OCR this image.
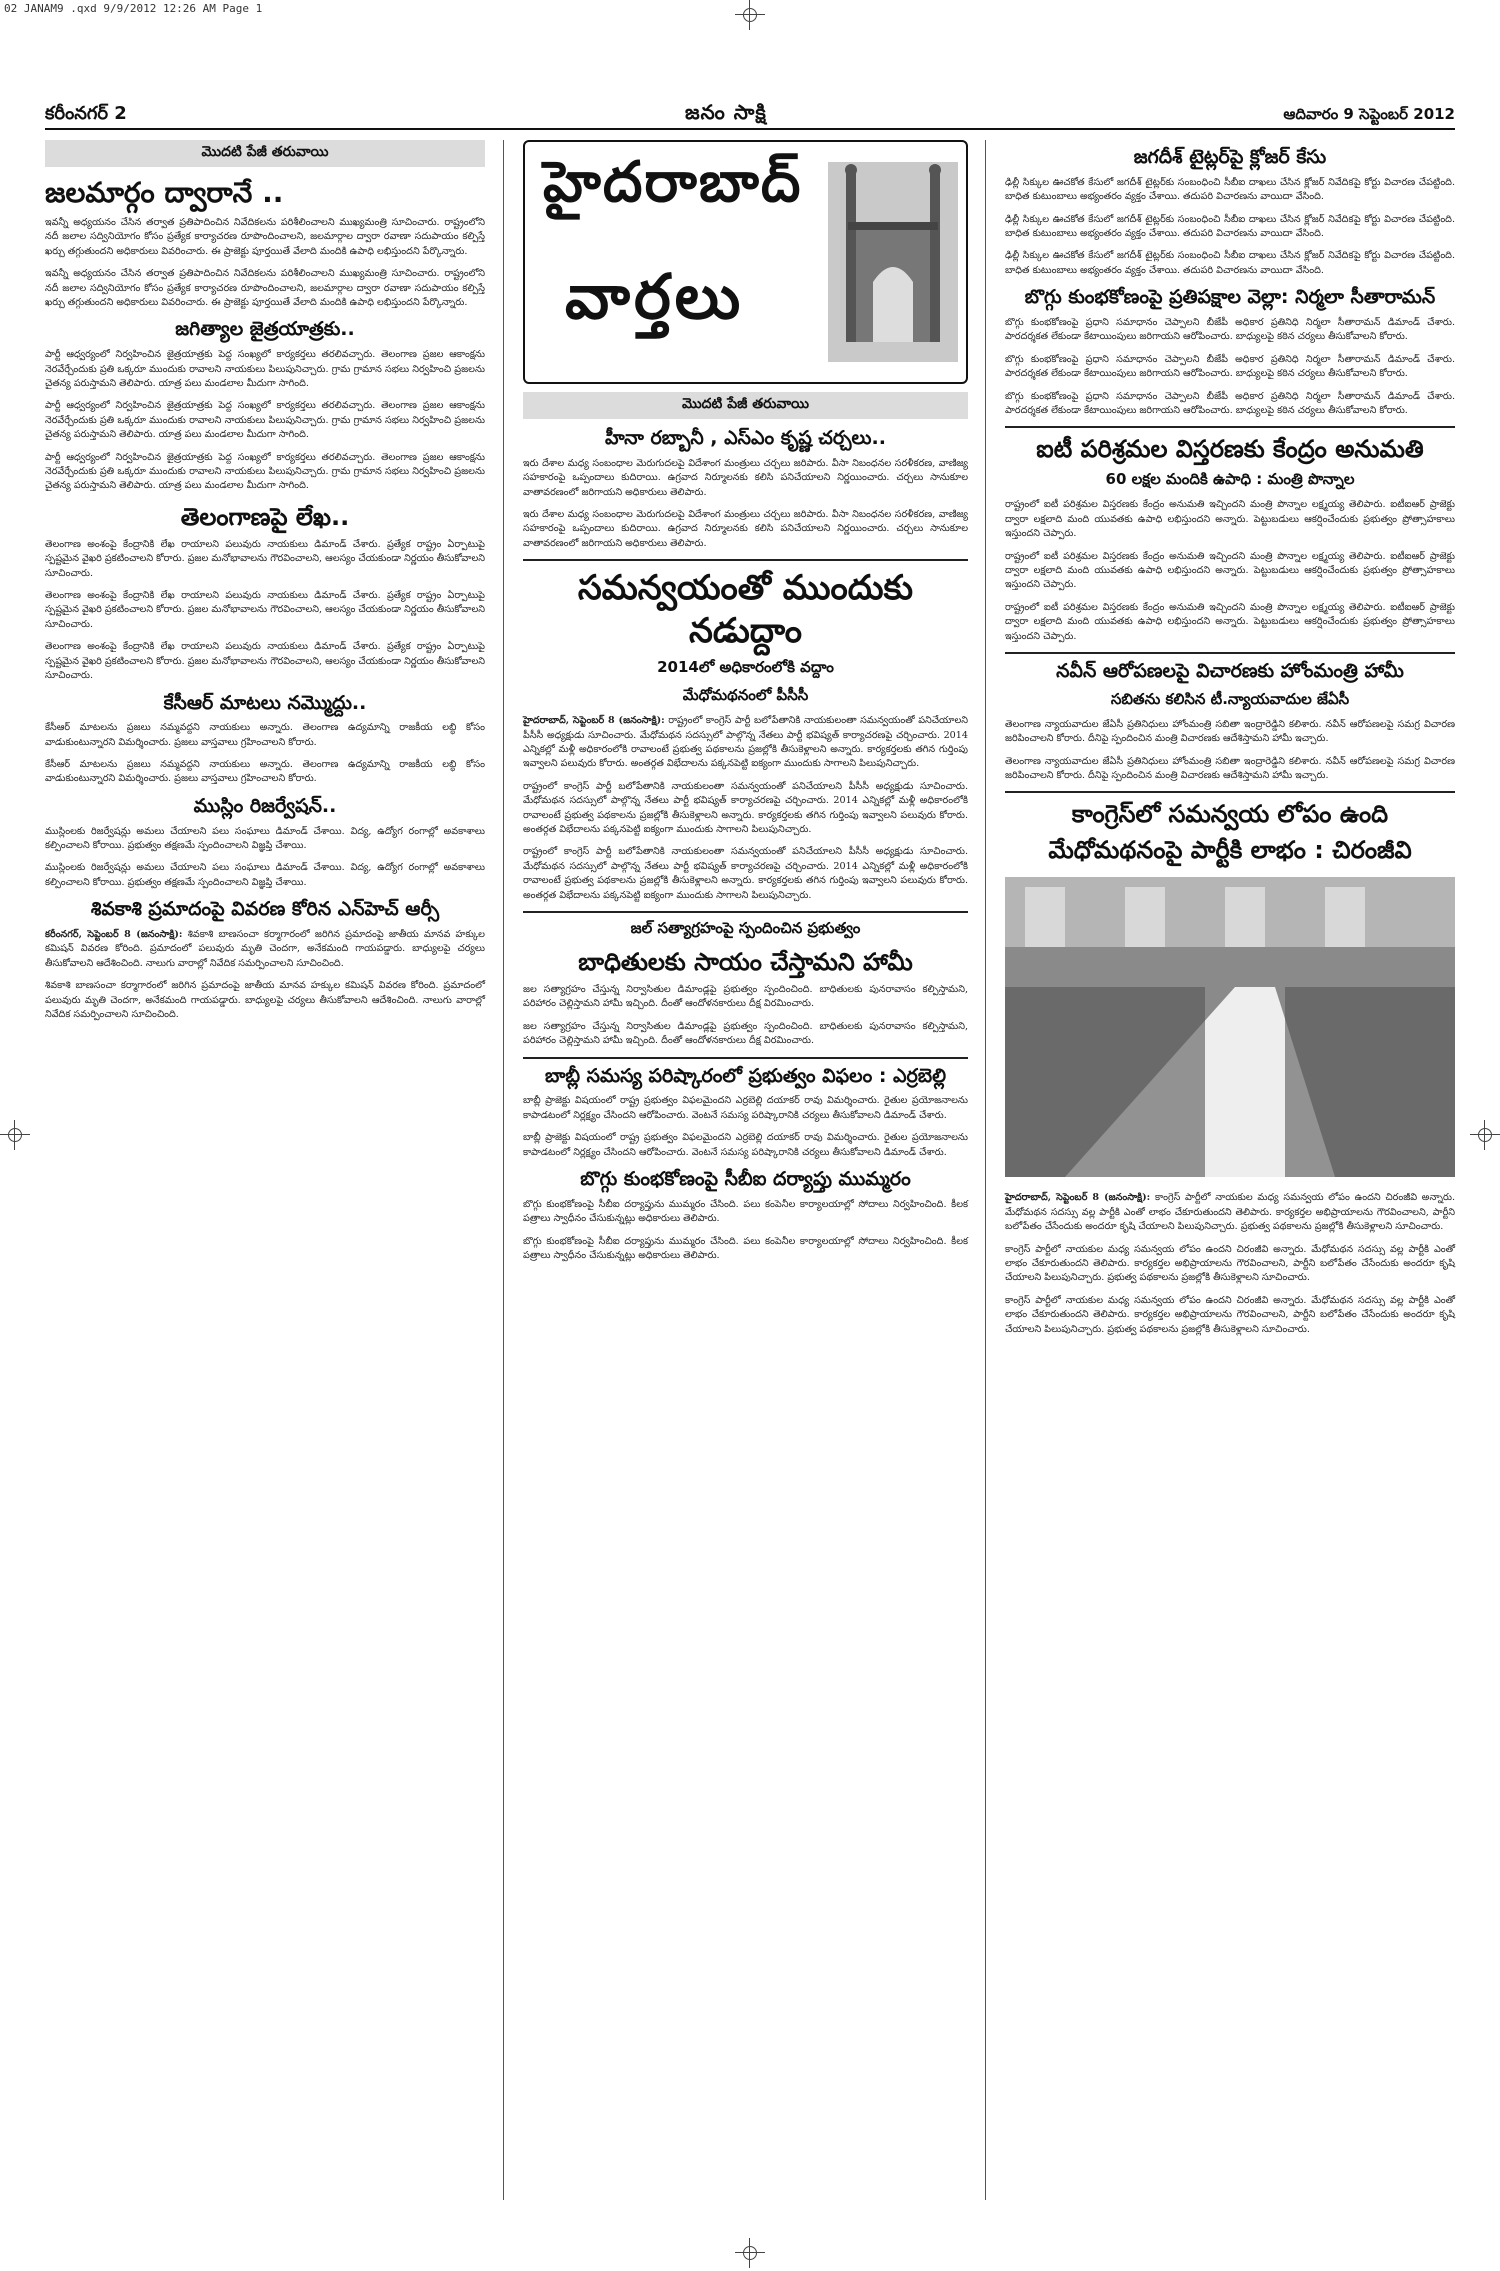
02 JANAM9 .qxd 9/9/2012 12:26 AM Page 1
కరీంనగర్ 2	జనం సాక్షి	ఆదివారం 9 సెప్టెంబర్ 2012
మొదటి పేజీ తరువాయి
జలమార్గం ద్వారానే ..

ఇవన్నీ అధ్యయనం చేసిన తర్వాత ప్రతిపాదించిన నివేదికలను పరిశీలించాలని ముఖ్యమంత్రి సూచించారు. రాష్ట్రంలోని నదీ జలాల సద్వినియోగం కోసం ప్రత్యేక కార్యాచరణ రూపొందించాలని, జలమార్గాల ద్వారా రవాణా సదుపాయం కల్పిస్తే ఖర్చు తగ్గుతుందని అధికారులు వివరించారు. ఈ ప్రాజెక్టు పూర్తయితే వేలాది మందికి ఉపాధి లభిస్తుందని పేర్కొన్నారు.

ఇవన్నీ అధ్యయనం చేసిన తర్వాత ప్రతిపాదించిన నివేదికలను పరిశీలించాలని ముఖ్యమంత్రి సూచించారు. రాష్ట్రంలోని నదీ జలాల సద్వినియోగం కోసం ప్రత్యేక కార్యాచరణ రూపొందించాలని, జలమార్గాల ద్వారా రవాణా సదుపాయం కల్పిస్తే ఖర్చు తగ్గుతుందని అధికారులు వివరించారు. ఈ ప్రాజెక్టు పూర్తయితే వేలాది మందికి ఉపాధి లభిస్తుందని పేర్కొన్నారు.

జగిత్యాల జైత్రయాత్రకు..

పార్టీ ఆధ్వర్యంలో నిర్వహించిన జైత్రయాత్రకు పెద్ద సంఖ్యలో కార్యకర్తలు తరలివచ్చారు. తెలంగాణ ప్రజల ఆకాంక్షను నెరవేర్చేందుకు ప్రతి ఒక్కరూ ముందుకు రావాలని నాయకులు పిలుపునిచ్చారు. గ్రామ గ్రామాన సభలు నిర్వహించి ప్రజలను చైతన్య పరుస్తామని తెలిపారు. యాత్ర పలు మండలాల మీదుగా సాగింది.

పార్టీ ఆధ్వర్యంలో నిర్వహించిన జైత్రయాత్రకు పెద్ద సంఖ్యలో కార్యకర్తలు తరలివచ్చారు. తెలంగాణ ప్రజల ఆకాంక్షను నెరవేర్చేందుకు ప్రతి ఒక్కరూ ముందుకు రావాలని నాయకులు పిలుపునిచ్చారు. గ్రామ గ్రామాన సభలు నిర్వహించి ప్రజలను చైతన్య పరుస్తామని తెలిపారు. యాత్ర పలు మండలాల మీదుగా సాగింది.

పార్టీ ఆధ్వర్యంలో నిర్వహించిన జైత్రయాత్రకు పెద్ద సంఖ్యలో కార్యకర్తలు తరలివచ్చారు. తెలంగాణ ప్రజల ఆకాంక్షను నెరవేర్చేందుకు ప్రతి ఒక్కరూ ముందుకు రావాలని నాయకులు పిలుపునిచ్చారు. గ్రామ గ్రామాన సభలు నిర్వహించి ప్రజలను చైతన్య పరుస్తామని తెలిపారు. యాత్ర పలు మండలాల మీదుగా సాగింది.

తెలంగాణపై లేఖ..

తెలంగాణ అంశంపై కేంద్రానికి లేఖ రాయాలని పలువురు నాయకులు డిమాండ్ చేశారు. ప్రత్యేక రాష్ట్రం ఏర్పాటుపై స్పష్టమైన వైఖరి ప్రకటించాలని కోరారు. ప్రజల మనోభావాలను గౌరవించాలని, ఆలస్యం చేయకుండా నిర్ణయం తీసుకోవాలని సూచించారు.

తెలంగాణ అంశంపై కేంద్రానికి లేఖ రాయాలని పలువురు నాయకులు డిమాండ్ చేశారు. ప్రత్యేక రాష్ట్రం ఏర్పాటుపై స్పష్టమైన వైఖరి ప్రకటించాలని కోరారు. ప్రజల మనోభావాలను గౌరవించాలని, ఆలస్యం చేయకుండా నిర్ణయం తీసుకోవాలని సూచించారు.

తెలంగాణ అంశంపై కేంద్రానికి లేఖ రాయాలని పలువురు నాయకులు డిమాండ్ చేశారు. ప్రత్యేక రాష్ట్రం ఏర్పాటుపై స్పష్టమైన వైఖరి ప్రకటించాలని కోరారు. ప్రజల మనోభావాలను గౌరవించాలని, ఆలస్యం చేయకుండా నిర్ణయం తీసుకోవాలని సూచించారు.

కేసీఆర్ మాటలు నమ్మొద్దు..

కేసీఆర్ మాటలను ప్రజలు నమ్మవద్దని నాయకులు అన్నారు. తెలంగాణ ఉద్యమాన్ని రాజకీయ లబ్ధి కోసం వాడుకుంటున్నారని విమర్శించారు. ప్రజలు వాస్తవాలు గ్రహించాలని కోరారు.

కేసీఆర్ మాటలను ప్రజలు నమ్మవద్దని నాయకులు అన్నారు. తెలంగాణ ఉద్యమాన్ని రాజకీయ లబ్ధి కోసం వాడుకుంటున్నారని విమర్శించారు. ప్రజలు వాస్తవాలు గ్రహించాలని కోరారు.

ముస్లిం రిజర్వేషన్..

ముస్లింలకు రిజర్వేషన్లు అమలు చేయాలని పలు సంఘాలు డిమాండ్ చేశాయి. విద్య, ఉద్యోగ రంగాల్లో అవకాశాలు కల్పించాలని కోరాయి. ప్రభుత్వం తక్షణమే స్పందించాలని విజ్ఞప్తి చేశాయి.

ముస్లింలకు రిజర్వేషన్లు అమలు చేయాలని పలు సంఘాలు డిమాండ్ చేశాయి. విద్య, ఉద్యోగ రంగాల్లో అవకాశాలు కల్పించాలని కోరాయి. ప్రభుత్వం తక్షణమే స్పందించాలని విజ్ఞప్తి చేశాయి.

శివకాశి ప్రమాదంపై వివరణ కోరిన ఎన్‌హెచ్ ఆర్సీ

కరీంనగర్, సెప్టెంబర్ 8 (జనంసాక్షి): శివకాశి బాణసంచా కర్మాగారంలో జరిగిన ప్రమాదంపై జాతీయ మానవ హక్కుల కమిషన్ వివరణ కోరింది. ప్రమాదంలో పలువురు మృతి చెందగా, అనేకమంది గాయపడ్డారు. బాధ్యులపై చర్యలు తీసుకోవాలని ఆదేశించింది. నాలుగు వారాల్లో నివేదిక సమర్పించాలని సూచించింది.

శివకాశి బాణసంచా కర్మాగారంలో జరిగిన ప్రమాదంపై జాతీయ మానవ హక్కుల కమిషన్ వివరణ కోరింది. ప్రమాదంలో పలువురు మృతి చెందగా, అనేకమంది గాయపడ్డారు. బాధ్యులపై చర్యలు తీసుకోవాలని ఆదేశించింది. నాలుగు వారాల్లో నివేదిక సమర్పించాలని సూచించింది.

హైదరాబాద్
వార్తలు
మొదటి పేజీ తరువాయి
హీనా రబ్బానీ , ఎస్‌ఎం కృష్ణ చర్చలు..

ఇరు దేశాల మధ్య సంబంధాల మెరుగుదలపై విదేశాంగ మంత్రులు చర్చలు జరిపారు. వీసా నిబంధనల సరళీకరణ, వాణిజ్య సహకారంపై ఒప్పందాలు కుదిరాయి. ఉగ్రవాద నిర్మూలనకు కలిసి పనిచేయాలని నిర్ణయించారు. చర్చలు సానుకూల వాతావరణంలో జరిగాయని అధికారులు తెలిపారు.

ఇరు దేశాల మధ్య సంబంధాల మెరుగుదలపై విదేశాంగ మంత్రులు చర్చలు జరిపారు. వీసా నిబంధనల సరళీకరణ, వాణిజ్య సహకారంపై ఒప్పందాలు కుదిరాయి. ఉగ్రవాద నిర్మూలనకు కలిసి పనిచేయాలని నిర్ణయించారు. చర్చలు సానుకూల వాతావరణంలో జరిగాయని అధికారులు తెలిపారు.

సమన్వయంతో ముందుకు నడుద్దాం
2014లో అధికారంలోకి వద్దాం
మేధోమథనంలో పీసీసీ

హైదరాబాద్, సెప్టెంబర్ 8 (జనంసాక్షి): రాష్ట్రంలో కాంగ్రెస్ పార్టీ బలోపేతానికి నాయకులంతా సమన్వయంతో పనిచేయాలని పీసీసీ అధ్యక్షుడు సూచించారు. మేధోమథన సదస్సులో పాల్గొన్న నేతలు పార్టీ భవిష్యత్ కార్యాచరణపై చర్చించారు. 2014 ఎన్నికల్లో మళ్లీ అధికారంలోకి రావాలంటే ప్రభుత్వ పథకాలను ప్రజల్లోకి తీసుకెళ్లాలని అన్నారు. కార్యకర్తలకు తగిన గుర్తింపు ఇవ్వాలని పలువురు కోరారు. అంతర్గత విభేదాలను పక్కనపెట్టి ఐక్యంగా ముందుకు సాగాలని పిలుపునిచ్చారు.

రాష్ట్రంలో కాంగ్రెస్ పార్టీ బలోపేతానికి నాయకులంతా సమన్వయంతో పనిచేయాలని పీసీసీ అధ్యక్షుడు సూచించారు. మేధోమథన సదస్సులో పాల్గొన్న నేతలు పార్టీ భవిష్యత్ కార్యాచరణపై చర్చించారు. 2014 ఎన్నికల్లో మళ్లీ అధికారంలోకి రావాలంటే ప్రభుత్వ పథకాలను ప్రజల్లోకి తీసుకెళ్లాలని అన్నారు. కార్యకర్తలకు తగిన గుర్తింపు ఇవ్వాలని పలువురు కోరారు. అంతర్గత విభేదాలను పక్కనపెట్టి ఐక్యంగా ముందుకు సాగాలని పిలుపునిచ్చారు.

రాష్ట్రంలో కాంగ్రెస్ పార్టీ బలోపేతానికి నాయకులంతా సమన్వయంతో పనిచేయాలని పీసీసీ అధ్యక్షుడు సూచించారు. మేధోమథన సదస్సులో పాల్గొన్న నేతలు పార్టీ భవిష్యత్ కార్యాచరణపై చర్చించారు. 2014 ఎన్నికల్లో మళ్లీ అధికారంలోకి రావాలంటే ప్రభుత్వ పథకాలను ప్రజల్లోకి తీసుకెళ్లాలని అన్నారు. కార్యకర్తలకు తగిన గుర్తింపు ఇవ్వాలని పలువురు కోరారు. అంతర్గత విభేదాలను పక్కనపెట్టి ఐక్యంగా ముందుకు సాగాలని పిలుపునిచ్చారు.

జల్ సత్యాగ్రహంపై స్పందించిన ప్రభుత్వం
బాధితులకు సాయం చేస్తామని హామీ

జల సత్యాగ్రహం చేస్తున్న నిర్వాసితుల డిమాండ్లపై ప్రభుత్వం స్పందించింది. బాధితులకు పునరావాసం కల్పిస్తామని, పరిహారం చెల్లిస్తామని హామీ ఇచ్చింది. దీంతో ఆందోళనకారులు దీక్ష విరమించారు.

జల సత్యాగ్రహం చేస్తున్న నిర్వాసితుల డిమాండ్లపై ప్రభుత్వం స్పందించింది. బాధితులకు పునరావాసం కల్పిస్తామని, పరిహారం చెల్లిస్తామని హామీ ఇచ్చింది. దీంతో ఆందోళనకారులు దీక్ష విరమించారు.

బాబ్లీ సమస్య పరిష్కారంలో ప్రభుత్వం విఫలం : ఎర్రబెల్లి

బాబ్లీ ప్రాజెక్టు విషయంలో రాష్ట్ర ప్రభుత్వం విఫలమైందని ఎర్రబెల్లి దయాకర్ రావు విమర్శించారు. రైతుల ప్రయోజనాలను కాపాడటంలో నిర్లక్ష్యం చేసిందని ఆరోపించారు. వెంటనే సమస్య పరిష్కారానికి చర్యలు తీసుకోవాలని డిమాండ్ చేశారు.

బాబ్లీ ప్రాజెక్టు విషయంలో రాష్ట్ర ప్రభుత్వం విఫలమైందని ఎర్రబెల్లి దయాకర్ రావు విమర్శించారు. రైతుల ప్రయోజనాలను కాపాడటంలో నిర్లక్ష్యం చేసిందని ఆరోపించారు. వెంటనే సమస్య పరిష్కారానికి చర్యలు తీసుకోవాలని డిమాండ్ చేశారు.

బొగ్గు కుంభకోణంపై సీబీఐ దర్యాప్తు ముమ్మరం

బొగ్గు కుంభకోణంపై సీబీఐ దర్యాప్తును ముమ్మరం చేసింది. పలు కంపెనీల కార్యాలయాల్లో సోదాలు నిర్వహించింది. కీలక పత్రాలు స్వాధీనం చేసుకున్నట్లు అధికారులు తెలిపారు.

బొగ్గు కుంభకోణంపై సీబీఐ దర్యాప్తును ముమ్మరం చేసింది. పలు కంపెనీల కార్యాలయాల్లో సోదాలు నిర్వహించింది. కీలక పత్రాలు స్వాధీనం చేసుకున్నట్లు అధికారులు తెలిపారు.

జగదీశ్ టైట్లర్‌పై క్లోజర్ కేసు

ఢిల్లీ సిక్కుల ఊచకోత కేసులో జగదీశ్ టైట్లర్‌కు సంబంధించి సీబీఐ దాఖలు చేసిన క్లోజర్ నివేదికపై కోర్టు విచారణ చేపట్టింది. బాధిత కుటుంబాలు అభ్యంతరం వ్యక్తం చేశాయి. తదుపరి విచారణను వాయిదా వేసింది.

ఢిల్లీ సిక్కుల ఊచకోత కేసులో జగదీశ్ టైట్లర్‌కు సంబంధించి సీబీఐ దాఖలు చేసిన క్లోజర్ నివేదికపై కోర్టు విచారణ చేపట్టింది. బాధిత కుటుంబాలు అభ్యంతరం వ్యక్తం చేశాయి. తదుపరి విచారణను వాయిదా వేసింది.

ఢిల్లీ సిక్కుల ఊచకోత కేసులో జగదీశ్ టైట్లర్‌కు సంబంధించి సీబీఐ దాఖలు చేసిన క్లోజర్ నివేదికపై కోర్టు విచారణ చేపట్టింది. బాధిత కుటుంబాలు అభ్యంతరం వ్యక్తం చేశాయి. తదుపరి విచారణను వాయిదా వేసింది.

బొగ్గు కుంభకోణంపై ప్రతిపక్షాల వెల్లా: నిర్మలా సీతారామన్

బొగ్గు కుంభకోణంపై ప్రధాని సమాధానం చెప్పాలని బీజేపీ అధికార ప్రతినిధి నిర్మలా సీతారామన్ డిమాండ్ చేశారు. పారదర్శకత లేకుండా కేటాయింపులు జరిగాయని ఆరోపించారు. బాధ్యులపై కఠిన చర్యలు తీసుకోవాలని కోరారు.

బొగ్గు కుంభకోణంపై ప్రధాని సమాధానం చెప్పాలని బీజేపీ అధికార ప్రతినిధి నిర్మలా సీతారామన్ డిమాండ్ చేశారు. పారదర్శకత లేకుండా కేటాయింపులు జరిగాయని ఆరోపించారు. బాధ్యులపై కఠిన చర్యలు తీసుకోవాలని కోరారు.

బొగ్గు కుంభకోణంపై ప్రధాని సమాధానం చెప్పాలని బీజేపీ అధికార ప్రతినిధి నిర్మలా సీతారామన్ డిమాండ్ చేశారు. పారదర్శకత లేకుండా కేటాయింపులు జరిగాయని ఆరోపించారు. బాధ్యులపై కఠిన చర్యలు తీసుకోవాలని కోరారు.

ఐటీ పరిశ్రమల విస్తరణకు కేంద్రం అనుమతి
60 లక్షల మందికి ఉపాధి : మంత్రి పొన్నాల

రాష్ట్రంలో ఐటీ పరిశ్రమల విస్తరణకు కేంద్రం అనుమతి ఇచ్చిందని మంత్రి పొన్నాల లక్ష్మయ్య తెలిపారు. ఐటీఐఆర్ ప్రాజెక్టు ద్వారా లక్షలాది మంది యువతకు ఉపాధి లభిస్తుందని అన్నారు. పెట్టుబడులు ఆకర్షించేందుకు ప్రభుత్వం ప్రోత్సాహకాలు ఇస్తుందని చెప్పారు.

రాష్ట్రంలో ఐటీ పరిశ్రమల విస్తరణకు కేంద్రం అనుమతి ఇచ్చిందని మంత్రి పొన్నాల లక్ష్మయ్య తెలిపారు. ఐటీఐఆర్ ప్రాజెక్టు ద్వారా లక్షలాది మంది యువతకు ఉపాధి లభిస్తుందని అన్నారు. పెట్టుబడులు ఆకర్షించేందుకు ప్రభుత్వం ప్రోత్సాహకాలు ఇస్తుందని చెప్పారు.

రాష్ట్రంలో ఐటీ పరిశ్రమల విస్తరణకు కేంద్రం అనుమతి ఇచ్చిందని మంత్రి పొన్నాల లక్ష్మయ్య తెలిపారు. ఐటీఐఆర్ ప్రాజెక్టు ద్వారా లక్షలాది మంది యువతకు ఉపాధి లభిస్తుందని అన్నారు. పెట్టుబడులు ఆకర్షించేందుకు ప్రభుత్వం ప్రోత్సాహకాలు ఇస్తుందని చెప్పారు.

నవీన్ ఆరోపణలపై విచారణకు హోంమంత్రి హామీ
సబితను కలిసిన టీ.న్యాయవాదుల జేఏసీ

తెలంగాణ న్యాయవాదుల జేఏసీ ప్రతినిధులు హోంమంత్రి సబితా ఇంద్రారెడ్డిని కలిశారు. నవీన్ ఆరోపణలపై సమగ్ర విచారణ జరిపించాలని కోరారు. దీనిపై స్పందించిన మంత్రి విచారణకు ఆదేశిస్తామని హామీ ఇచ్చారు.

తెలంగాణ న్యాయవాదుల జేఏసీ ప్రతినిధులు హోంమంత్రి సబితా ఇంద్రారెడ్డిని కలిశారు. నవీన్ ఆరోపణలపై సమగ్ర విచారణ జరిపించాలని కోరారు. దీనిపై స్పందించిన మంత్రి విచారణకు ఆదేశిస్తామని హామీ ఇచ్చారు.

కాంగ్రెస్‌లో సమన్వయ లోపం ఉంది
మేధోమథనంపై పార్టీకి లాభం : చిరంజీవి

హైదరాబాద్, సెప్టెంబర్ 8 (జనంసాక్షి): కాంగ్రెస్ పార్టీలో నాయకుల మధ్య సమన్వయ లోపం ఉందని చిరంజీవి అన్నారు. మేధోమథన సదస్సు వల్ల పార్టీకి ఎంతో లాభం చేకూరుతుందని తెలిపారు. కార్యకర్తల అభిప్రాయాలను గౌరవించాలని, పార్టీని బలోపేతం చేసేందుకు అందరూ కృషి చేయాలని పిలుపునిచ్చారు. ప్రభుత్వ పథకాలను ప్రజల్లోకి తీసుకెళ్లాలని సూచించారు.

కాంగ్రెస్ పార్టీలో నాయకుల మధ్య సమన్వయ లోపం ఉందని చిరంజీవి అన్నారు. మేధోమథన సదస్సు వల్ల పార్టీకి ఎంతో లాభం చేకూరుతుందని తెలిపారు. కార్యకర్తల అభిప్రాయాలను గౌరవించాలని, పార్టీని బలోపేతం చేసేందుకు అందరూ కృషి చేయాలని పిలుపునిచ్చారు. ప్రభుత్వ పథకాలను ప్రజల్లోకి తీసుకెళ్లాలని సూచించారు.

కాంగ్రెస్ పార్టీలో నాయకుల మధ్య సమన్వయ లోపం ఉందని చిరంజీవి అన్నారు. మేధోమథన సదస్సు వల్ల పార్టీకి ఎంతో లాభం చేకూరుతుందని తెలిపారు. కార్యకర్తల అభిప్రాయాలను గౌరవించాలని, పార్టీని బలోపేతం చేసేందుకు అందరూ కృషి చేయాలని పిలుపునిచ్చారు. ప్రభుత్వ పథకాలను ప్రజల్లోకి తీసుకెళ్లాలని సూచించారు.
